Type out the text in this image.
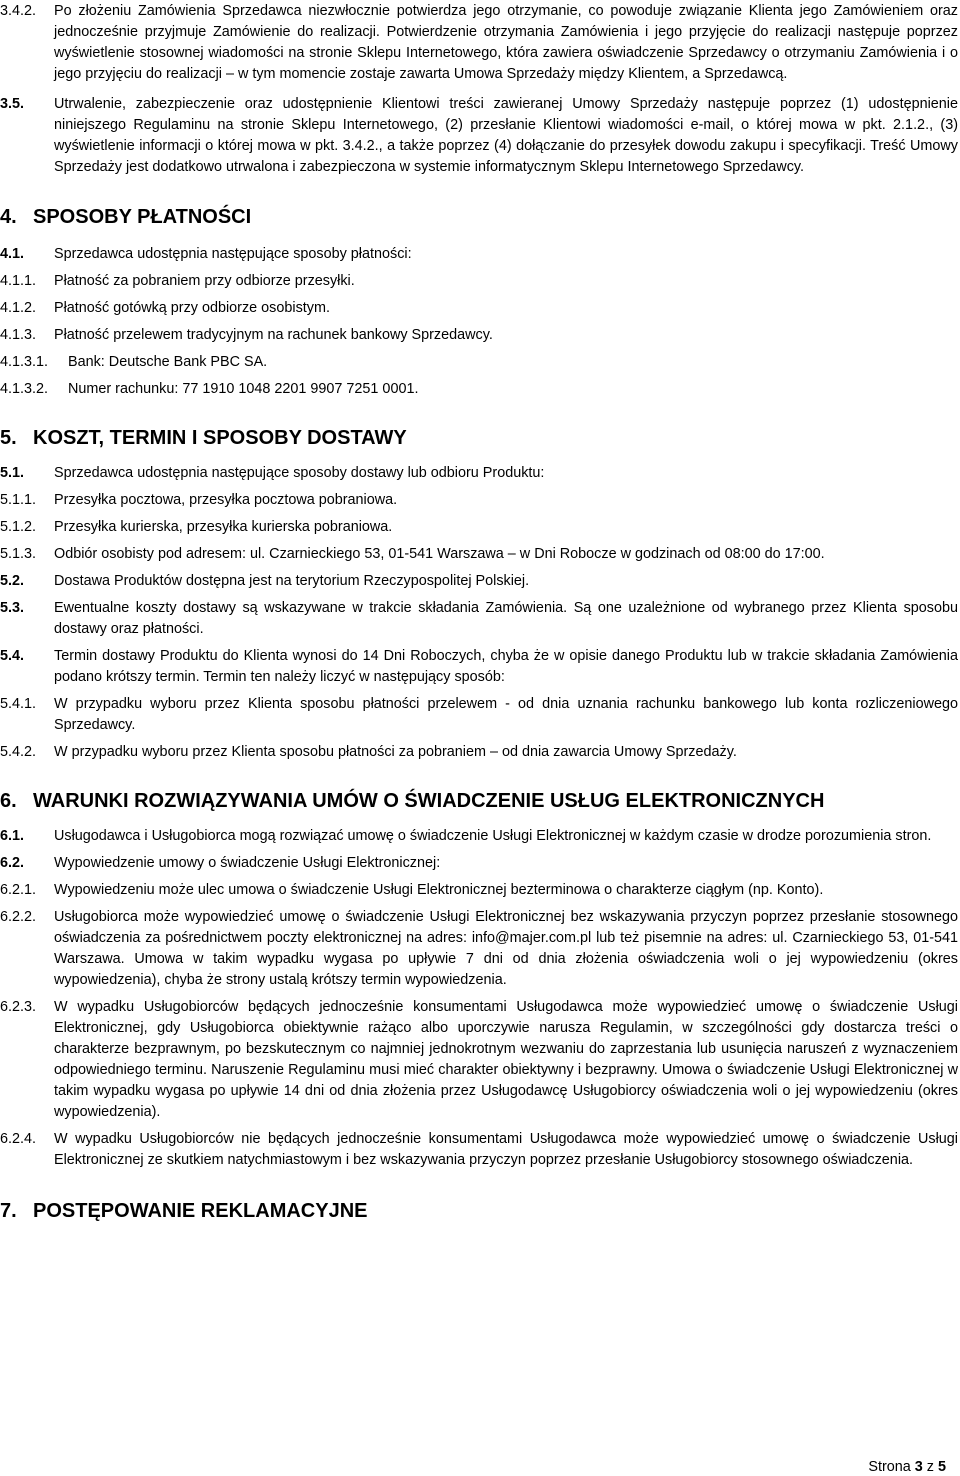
3.4.2.	Po złożeniu Zamówienia Sprzedawca niezwłocznie potwierdza jego otrzymanie, co powoduje związanie Klienta jego Zamówieniem oraz jednocześnie przyjmuje Zamówienie do realizacji. Potwierdzenie otrzymania Zamówienia i jego przyjęcie do realizacji następuje poprzez wyświetlenie stosownej wiadomości na stronie Sklepu Internetowego, która zawiera oświadczenie Sprzedawcy o otrzymaniu Zamówienia i o jego przyjęciu do realizacji – w tym momencie zostaje zawarta Umowa Sprzedaży między Klientem, a Sprzedawcą.
3.5.	Utrwalenie, zabezpieczenie oraz udostępnienie Klientowi treści zawieranej Umowy Sprzedaży następuje poprzez (1) udostępnienie niniejszego Regulaminu na stronie Sklepu Internetowego, (2) przesłanie Klientowi wiadomości e-mail, o której mowa w pkt. 2.1.2., (3) wyświetlenie informacji o której mowa w pkt. 3.4.2., a także poprzez (4) dołączanie do przesyłek dowodu zakupu i specyfikacji. Treść Umowy Sprzedaży jest dodatkowo utrwalona i zabezpieczona w systemie informatycznym Sklepu Internetowego Sprzedawcy.
4. SPOSOBY PŁATNOŚCI
4.1.	Sprzedawca udostępnia następujące sposoby płatności:
4.1.1.	Płatność za pobraniem przy odbiorze przesyłki.
4.1.2.	Płatność gotówką przy odbiorze osobistym.
4.1.3.	Płatność przelewem tradycyjnym na rachunek bankowy Sprzedawcy.
4.1.3.1.	Bank: Deutsche Bank PBC SA.
4.1.3.2.	Numer rachunku: 77 1910 1048 2201 9907 7251 0001.
5. KOSZT, TERMIN I SPOSOBY DOSTAWY
5.1.	Sprzedawca udostępnia następujące sposoby dostawy lub odbioru Produktu:
5.1.1.	Przesyłka pocztowa, przesyłka pocztowa pobraniowa.
5.1.2.	Przesyłka kurierska, przesyłka kurierska pobraniowa.
5.1.3.	Odbiór osobisty pod adresem: ul. Czarnieckiego 53, 01-541 Warszawa – w Dni Robocze w godzinach od 08:00 do 17:00.
5.2.	Dostawa Produktów dostępna jest na terytorium Rzeczypospolitej Polskiej.
5.3.	Ewentualne koszty dostawy są wskazywane w trakcie składania Zamówienia. Są one uzależnione od wybranego przez Klienta sposobu dostawy oraz płatności.
5.4.	Termin dostawy Produktu do Klienta wynosi do 14 Dni Roboczych, chyba że w opisie danego Produktu lub w trakcie składania Zamówienia podano krótszy termin. Termin ten należy liczyć w następujący sposób:
5.4.1.	W przypadku wyboru przez Klienta sposobu płatności przelewem - od dnia uznania rachunku bankowego lub konta rozliczeniowego Sprzedawcy.
5.4.2.	W przypadku wyboru przez Klienta sposobu płatności za pobraniem – od dnia zawarcia Umowy Sprzedaży.
6. WARUNKI ROZWIĄZYWANIA UMÓW O ŚWIADCZENIE USŁUG ELEKTRONICZNYCH
6.1.	Usługodawca i Usługobiorca mogą rozwiązać umowę o świadczenie Usługi Elektronicznej w każdym czasie w drodze porozumienia stron.
6.2.	Wypowiedzenie umowy o świadczenie Usługi Elektronicznej:
6.2.1.	Wypowiedzeniu może ulec umowa o świadczenie Usługi Elektronicznej bezterminowa o charakterze ciągłym (np. Konto).
6.2.2.	Usługobiorca może wypowiedzieć umowę o świadczenie Usługi Elektronicznej bez wskazywania przyczyn poprzez przesłanie stosownego oświadczenia za pośrednictwem poczty elektronicznej na adres: info@majer.com.pl lub też pisemnie na adres: ul. Czarnieckiego 53, 01-541 Warszawa. Umowa w takim wypadku wygasa po upływie 7 dni od dnia złożenia oświadczenia woli o jej wypowiedzeniu (okres wypowiedzenia), chyba że strony ustalą krótszy termin wypowiedzenia.
6.2.3.	W wypadku Usługobiorców będących jednocześnie konsumentami Usługodawca może wypowiedzieć umowę o świadczenie Usługi Elektronicznej, gdy Usługobiorca obiektywnie rażąco albo uporczywie narusza Regulamin, w szczególności gdy dostarcza treści o charakterze bezprawnym, po bezskutecznym co najmniej jednokrotnym wezwaniu do zaprzestania lub usunięcia naruszeń z wyznaczeniem odpowiedniego terminu. Naruszenie Regulaminu musi mieć charakter obiektywny i bezprawny. Umowa o świadczenie Usługi Elektronicznej w takim wypadku wygasa po upływie 14 dni od dnia złożenia przez Usługodawcę Usługobiorcy oświadczenia woli o jej wypowiedzeniu (okres wypowiedzenia).
6.2.4.	W wypadku Usługobiorców nie będących jednocześnie konsumentami Usługodawca może wypowiedzieć umowę o świadczenie Usługi Elektronicznej ze skutkiem natychmiastowym i bez wskazywania przyczyn poprzez przesłanie Usługobiorcy stosownego oświadczenia.
7. POSTĘPOWANIE REKLAMACYJNE
Strona 3 z 5
